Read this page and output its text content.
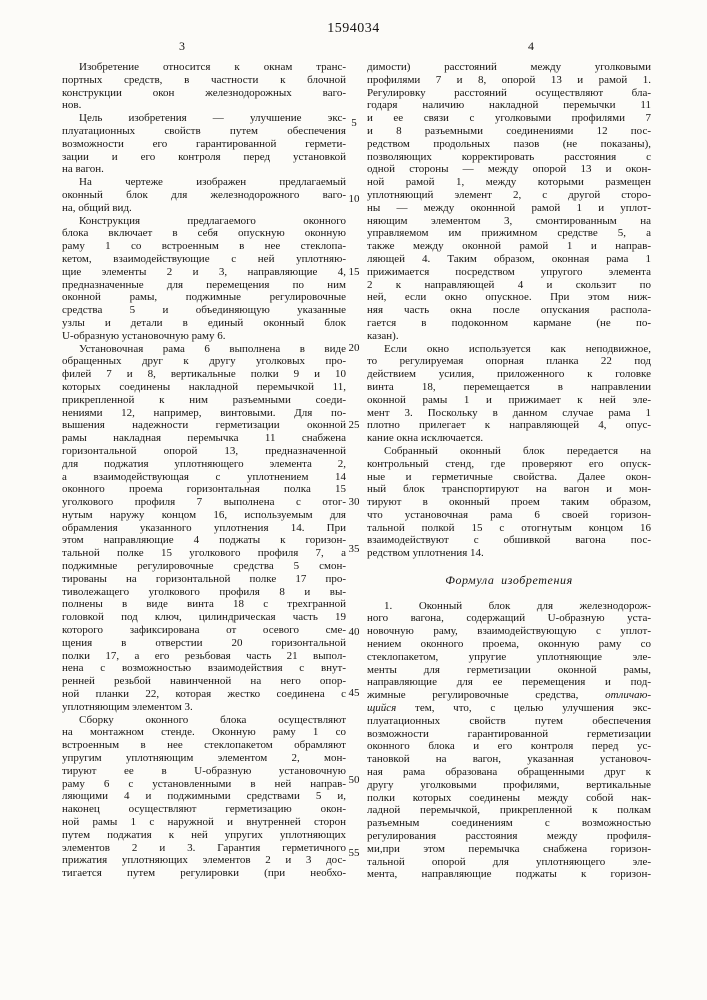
1594034
3	4
Изобретение относится к окнам транс-
портных средств, в частности к блочной
конструкции окон железнодорожных ваго-
нов.
Цель изобретения — улучшение экс-
плуатационных свойств путем обеспечения
возможности его гарантированной гермети-
зации и его контроля перед установкой
на вагон.
На чертеже изображен предлагаемый
оконный блок для железнодорожного ваго-
на, общий вид.
Конструкция предлагаемого оконного
блока включает в себя опускную оконную
раму 1 со встроенным в нее стеклопа-
кетом, взаимодействующие с ней уплотняю-
щие элементы 2 и 3, направляющие 4,
предназначенные для перемещения по ним
оконной рамы, поджимные регулировочные
средства 5 и объединяющую указанные
узлы и детали в единый оконный блок
U-образную установочную раму 6.
Установочная рама 6 выполнена в виде
обращенных друг к другу уголковых про-
филей 7 и 8, вертикальные полки 9 и 10
которых соединены накладной перемычкой 11,
прикрепленной к ним разъемными соеди-
нениями 12, например, винтовыми. Для по-
вышения надежности герметизации оконной
рамы накладная перемычка 11 снабжена
горизонтальной опорой 13, предназначенной
для поджатия уплотняющего элемента 2,
а взаимодействующая с уплотнением 14
оконного проема горизонтальная полка 15
уголкового профиля 7 выполнена с отог-
нутым наружу концом 16, используемым для
обрамления указанного уплотнения 14. При
этом направляющие 4 поджаты к горизон-
тальной полке 15 уголкового профиля 7, а
поджимные регулировочные средства 5 смон-
тированы на горизонтальной полке 17 про-
тиволежащего уголкового профиля 8 и вы-
полнены в виде винта 18 с трехгранной
головкой под ключ, цилиндрическая часть 19
которого зафиксирована от осевого сме-
щения в отверстии 20 горизонтальной
полки 17, а его резьбовая часть 21 выпол-
нена с возможностью взаимодействия с внут-
ренней резьбой навинченной на него опор-
ной планки 22, которая жестко соединена с
уплотняющим элементом 3.
Сборку оконного блока осуществляют
на монтажном стенде. Оконную раму 1 со
встроенным в нее стеклопакетом обрамляют
упругим уплотняющим элементом 2, мон-
тируют ее в U-образную установочную
раму 6 с установленными в ней направ-
ляющими 4 и поджимными средствами 5 и,
наконец осуществляют герметизацию окон-
ной рамы 1 с наружной и внутренней сторон
путем поджатия к ней упругих уплотняющих
элементов 2 и 3. Гарантия герметичного
прижатия уплотняющих элементов 2 и 3 дос-
тигается путем регулировки (при необхо-
димости) расстояний между уголковыми
профилями 7 и 8, опорой 13 и рамой 1.
Регулировку расстояний осуществляют бла-
годаря наличию накладной перемычки 11
и ее связи с уголковыми профилями 7
и 8 разъемными соединениями 12 пос-
редством продольных пазов (не показаны),
позволяющих корректировать расстояния с
одной стороны — между опорой 13 и окон-
ной рамой 1, между которыми размещен
уплотняющий элемент 2, с другой сторо-
ны — между оконнной рамой 1 и уплот-
няющим элементом 3, смонтированным на
управляемом им прижимном средстве 5, а
также между оконной рамой 1 и направ-
ляющей 4. Таким образом, оконная рама 1
прижимается посредством упругого элемента
2 к направляющей 4 и скользит по
ней, если окно опускное. При этом ниж-
няя часть окна после опускания распола-
гается в подоконном кармане (не по-
казан).
Если окно используется как неподвижное,
то регулируемая опорная планка 22 под
действием усилия, приложенного к головке
винта 18, перемещается в направлении
оконной рамы 1 и прижимает к ней эле-
мент 3. Поскольку в данном случае рама 1
плотно прилегает к направляющей 4, опус-
кание окна исключается.
Собранный оконный блок передается на
контрольный стенд, где проверяют его опуск-
ные и герметичные свойства. Далее окон-
ный блок транспортируют на вагон и мон-
тируют в оконный проем таким образом,
что установочная рама 6 своей горизон-
тальной полкой 15 с отогнутым концом 16
взаимодействуют с обшивкой вагона пос-
редством уплотнения 14.

Формула изобретения

1. Оконный блок для железнодорож-
ного вагона, содержащий U-образную уста-
новочную раму, взаимодействующую с уплот-
нением оконного проема, оконную раму со
стеклопакетом, упругие уплотняющие эле-
менты для герметизации оконной рамы,
направляющие для ее перемещения и под-
жимные регулировочные средства, отличаю-
щийся тем, что, с целью улучшения экс-
плуатационных свойств путем обеспечения
возможности гарантированной герметизации
оконного блока и его контроля перед ус-
тановкой на вагон, указанная установоч-
ная рама образована обращенными друг к
другу уголковыми профилями, вертикальные
полки которых соединены между собой нак-
ладной перемычкой, прикрепленной к полкам
разъемным соединениям с возможностью
регулирования расстояния между профиля-
ми,при этом перемычка снабжена горизон-
тальной опорой для уплотняющего эле-
мента, направляющие поджаты к горизон-
5
10
15
20
25
30
35
40
45
50
55
